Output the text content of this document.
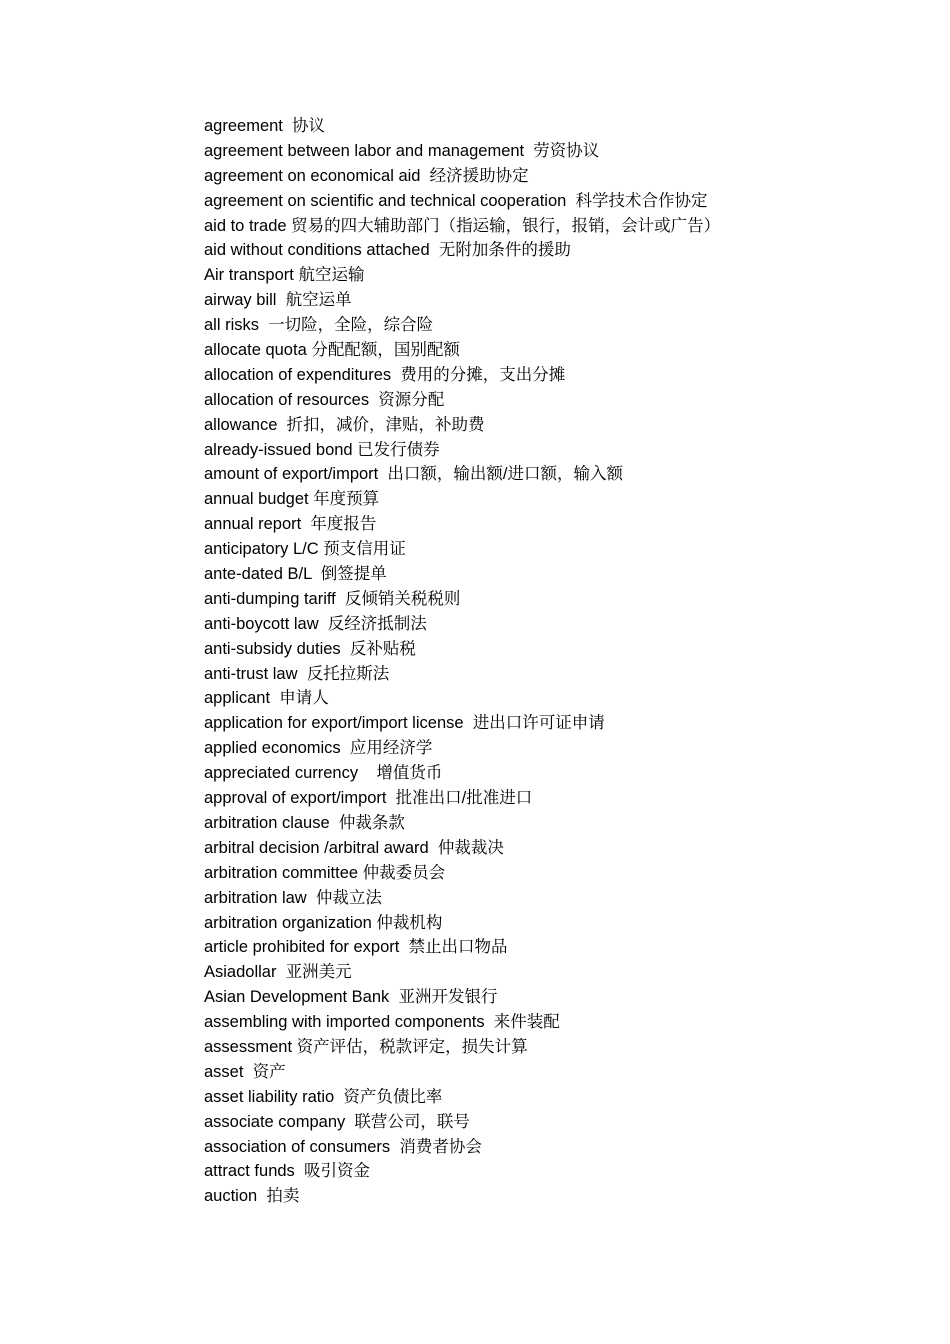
agreement  协议
agreement between labor and management  劳资协议
agreement on economical aid  经济援助协定
agreement on scientific and technical cooperation  科学技术合作协定
aid to trade 贸易的四大辅助部门（指运输，银行，报销，会计或广告）
aid without conditions attached  无附加条件的援助
Air transport 航空运输
airway bill  航空运单
all risks  一切险，全险，综合险
allocate quota 分配配额，国别配额
allocation of expenditures  费用的分摊，支出分摊
allocation of resources  资源分配
allowance  折扣，减价，津贴，补助费
already-issued bond 已发行债券
amount of export/import  出口额，输出额/进口额，输入额
annual budget 年度预算
annual report  年度报告
anticipatory L/C 预支信用证
ante-dated B/L  倒签提单
anti-dumping tariff  反倾销关税税则
anti-boycott law  反经济抵制法
anti-subsidy duties  反补贴税
anti-trust law  反托拉斯法
applicant  申请人
application for export/import license  进出口许可证申请
applied economics  应用经济学
appreciated currency    增值货币
approval of export/import  批准出口/批准进口
arbitration clause  仲裁条款
arbitral decision /arbitral award  仲裁裁决
arbitration committee 仲裁委员会
arbitration law  仲裁立法
arbitration organization 仲裁机构
article prohibited for export  禁止出口物品
Asiadollar  亚洲美元
Asian Development Bank  亚洲开发银行
assembling with imported components  来件装配
assessment 资产评估，税款评定，损失计算
asset  资产
asset liability ratio  资产负债比率
associate company  联营公司，联号
association of consumers  消费者协会
attract funds  吸引资金
auction  拍卖
